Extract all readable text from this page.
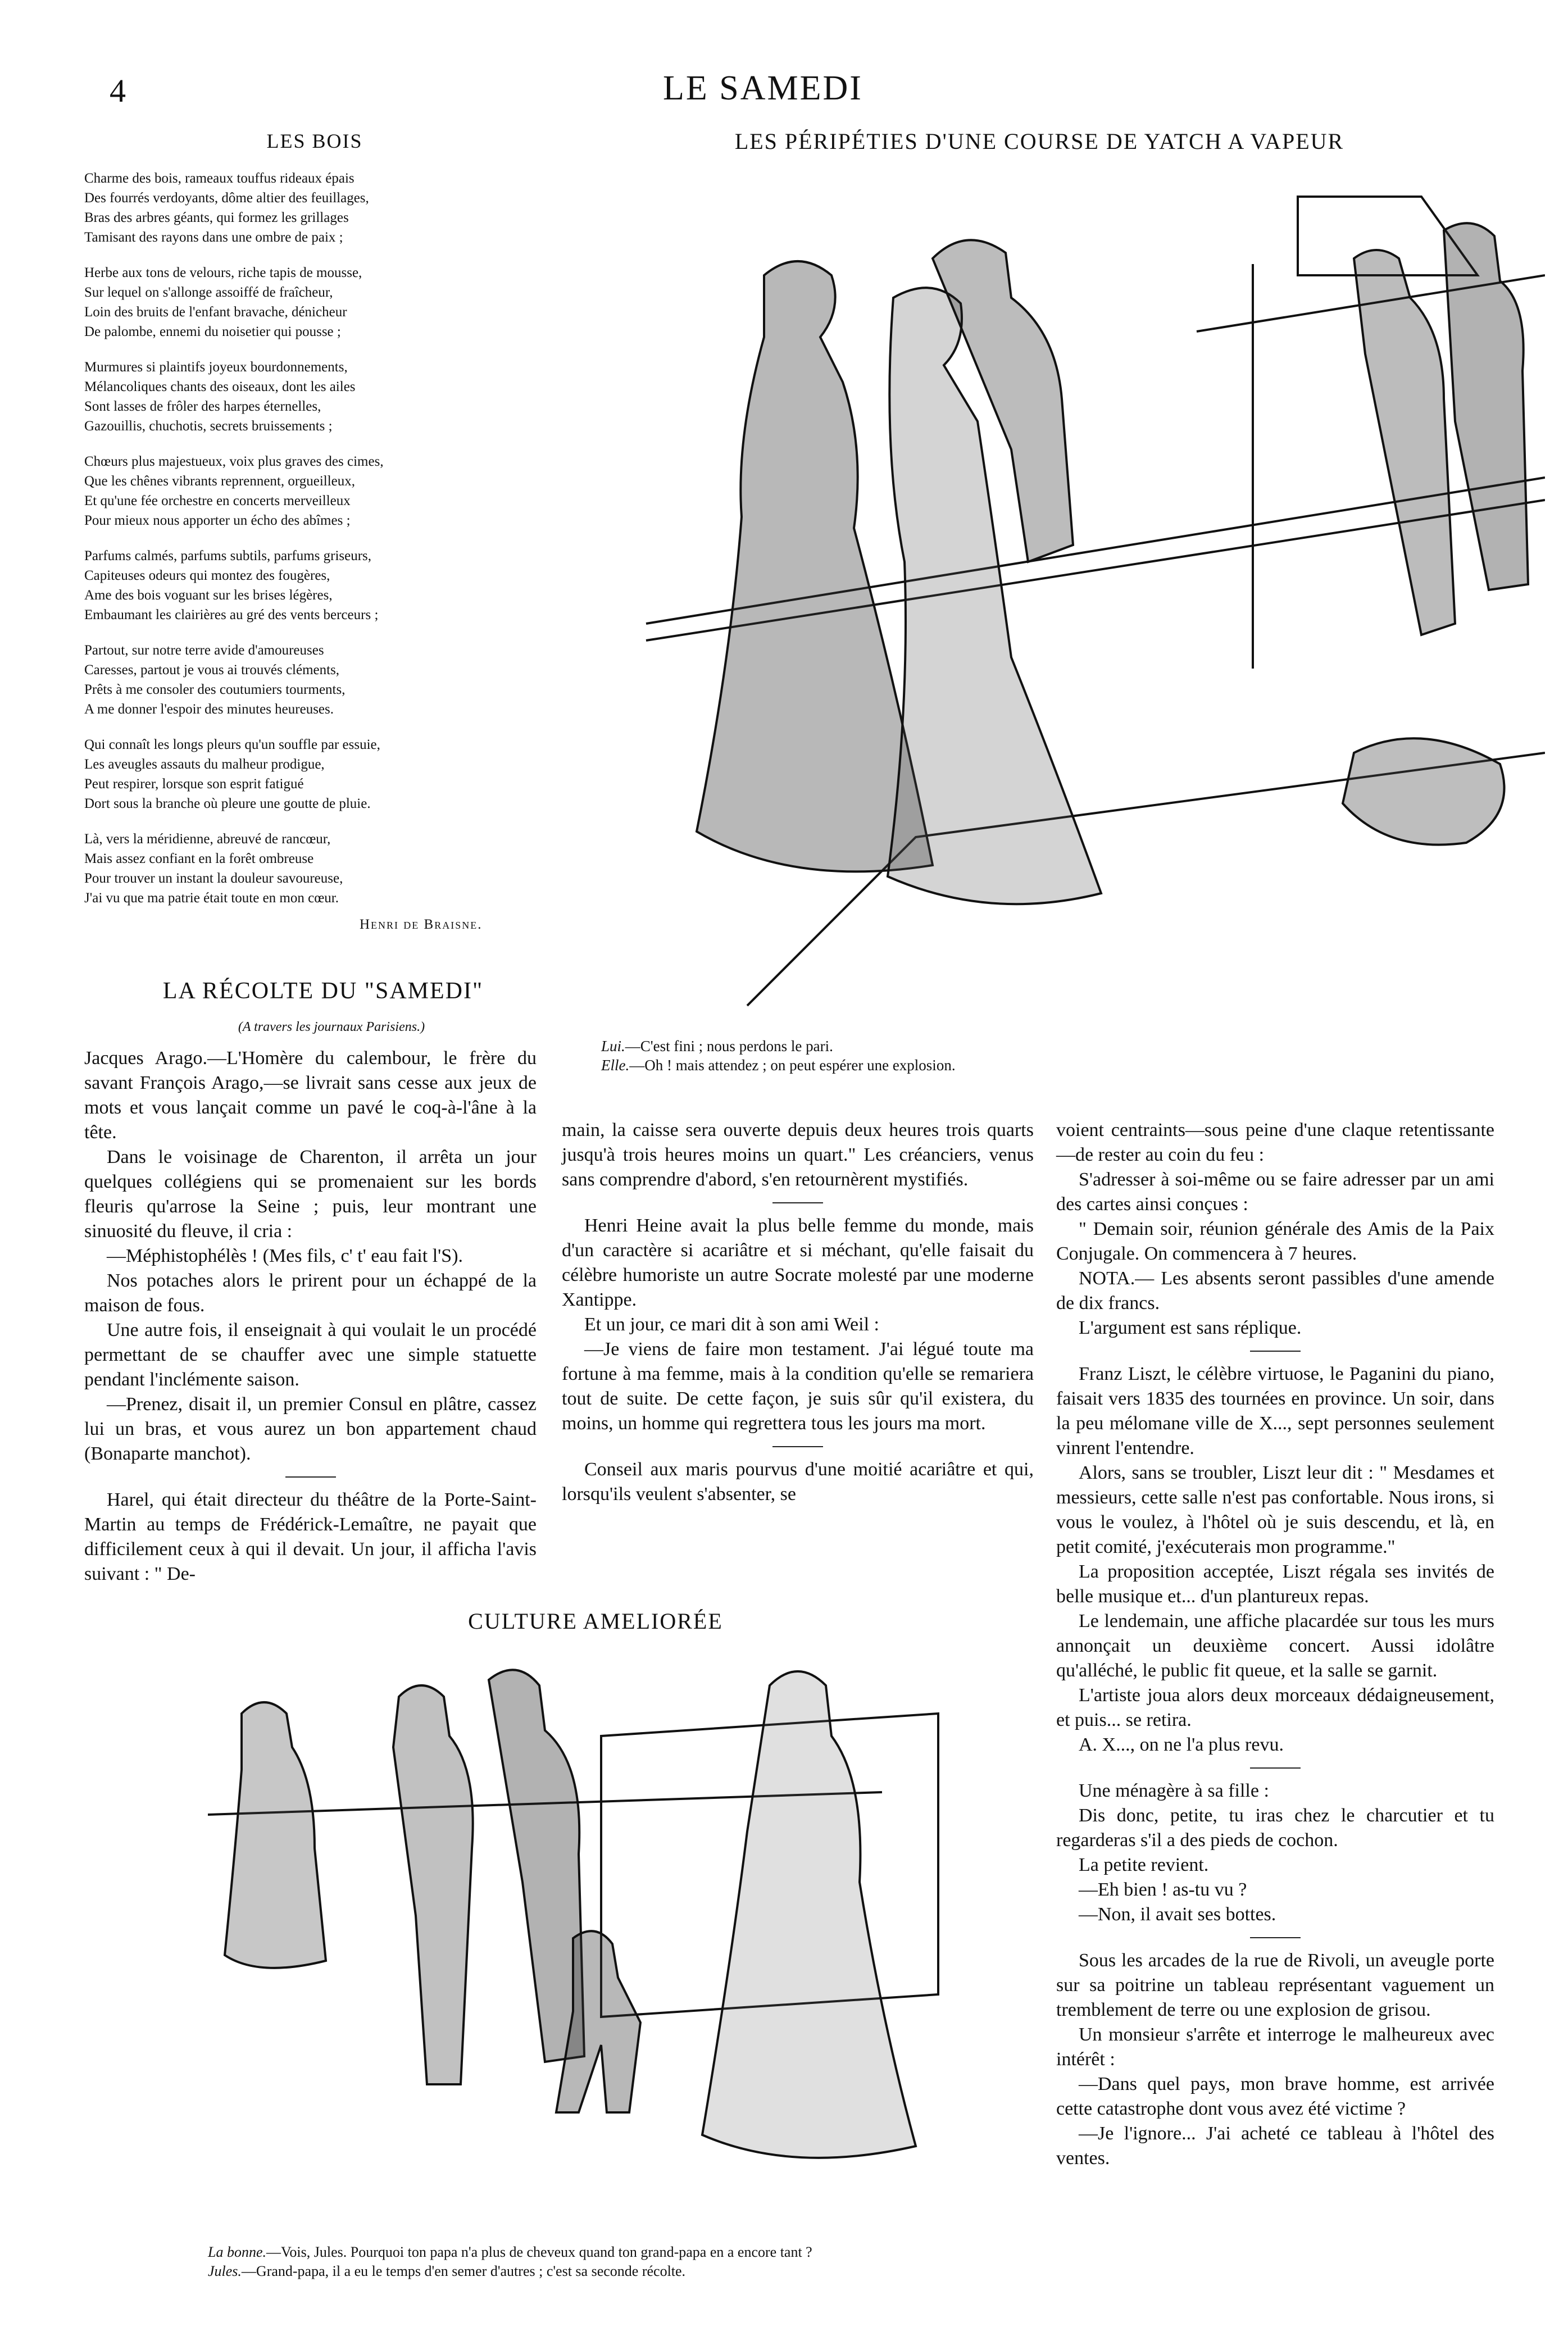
4	LE SAMEDI
LES BOIS
Charme des bois, rameaux touffus rideaux épais
Des fourrés verdoyants, dôme altier des feuillages,
Bras des arbres géants, qui formez les grillages
Tamisant des rayons dans une ombre de paix ;
Herbe aux tons de velours, riche tapis de mousse,
Sur lequel on s'allonge assoiffé de fraîcheur,
Loin des bruits de l'enfant bravache, dénicheur
De palombe, ennemi du noisetier qui pousse ;
Murmures si plaintifs joyeux bourdonnements,
Mélancoliques chants des oiseaux, dont les ailes
Sont lasses de frôler des harpes éternelles,
Gazouillis, chuchotis, secrets bruissements ;
Chœurs plus majestueux, voix plus graves des cimes,
Que les chênes vibrants reprennent, orgueilleux,
Et qu'une fée orchestre en concerts merveilleux
Pour mieux nous apporter un écho des abîmes ;
Parfums calmés, parfums subtils, parfums griseurs,
Capiteuses odeurs qui montez des fougères,
Ame des bois voguant sur les brises légères,
Embaumant les clairières au gré des vents berceurs ;
Partout, sur notre terre avide d'amoureuses
Caresses, partout je vous ai trouvés cléments,
Prêts à me consoler des coutumiers tourments,
A me donner l'espoir des minutes heureuses.
Qui connaît les longs pleurs qu'un souffle par essuie,
Les aveugles assauts du malheur prodigue,
Peut respirer, lorsque son esprit fatigué
Dort sous la branche où pleure une goutte de pluie.
Là, vers la méridienne, abreuvé de rancœur,
Mais assez confiant en la forêt ombreuse
Pour trouver un instant la douleur savoureuse,
J'ai vu que ma patrie était toute en mon cœur.
Henri de Braisne.
LES PÉRIPÉTIES D'UNE COURSE DE YATCH A VAPEUR
Lui.—C'est fini ; nous perdons le pari.
Elle.—Oh ! mais attendez ; on peut espérer une explosion.
LA RÉCOLTE DU "SAMEDI"
(A travers les journaux Parisiens.)

Jacques Arago.—L'Homère du calembour, le frère du savant François Arago,—se livrait sans cesse aux jeux de mots et vous lançait comme un pavé le coq-à-l'âne à la tête.

Dans le voisinage de Charenton, il arrêta un jour quelques collégiens qui se promenaient sur les bords fleuris qu'arrose la Seine ; puis, leur montrant une sinuosité du fleuve, il cria :

—Méphistophélès ! (Mes fils, c' t' eau fait l'S).

Nos potaches alors le prirent pour un échappé de la maison de fous.

Une autre fois, il enseignait à qui voulait le un procédé permettant de se chauffer avec une simple statuette pendant l'inclémente saison.

—Prenez, disait il, un premier Consul en plâtre, cassez lui un bras, et vous aurez un bon appartement chaud (Bonaparte manchot).

Harel, qui était directeur du théâtre de la Porte-Saint-Martin au temps de Frédérick-Lemaître, ne payait que difficilement ceux à qui il devait. Un jour, il afficha l'avis suivant : " De-

main, la caisse sera ouverte depuis deux heures trois quarts jusqu'à trois heures moins un quart." Les créanciers, venus sans comprendre d'abord, s'en retournèrent mystifiés.

Henri Heine avait la plus belle femme du monde, mais d'un caractère si acariâtre et si méchant, qu'elle faisait du célèbre humoriste un autre Socrate molesté par une moderne Xantippe.

Et un jour, ce mari dit à son ami Weil :

—Je viens de faire mon testament. J'ai légué toute ma fortune à ma femme, mais à la condition qu'elle se remariera tout de suite. De cette façon, je suis sûr qu'il existera, du moins, un homme qui regrettera tous les jours ma mort.

Conseil aux maris pourvus d'une moitié acariâtre et qui, lorsqu'ils veulent s'absenter, se

voient centraints—sous peine d'une claque retentissante—de rester au coin du feu :

S'adresser à soi-même ou se faire adresser par un ami des cartes ainsi conçues :

" Demain soir, réunion générale des Amis de la Paix Conjugale. On commencera à 7 heures.

NOTA.— Les absents seront passibles d'une amende de dix francs.

L'argument est sans réplique.

Franz Liszt, le célèbre virtuose, le Paganini du piano, faisait vers 1835 des tournées en province. Un soir, dans la peu mélomane ville de X..., sept personnes seulement vinrent l'entendre.

Alors, sans se troubler, Liszt leur dit : " Mesdames et messieurs, cette salle n'est pas confortable. Nous irons, si vous le voulez, à l'hôtel où je suis descendu, et là, en petit comité, j'exécuterais mon programme."

La proposition acceptée, Liszt régala ses invités de belle musique et... d'un plantureux repas.

Le lendemain, une affiche placardée sur tous les murs annonçait un deuxième concert. Aussi idolâtre qu'alléché, le public fit queue, et la salle se garnit.

L'artiste joua alors deux morceaux dédaigneusement, et puis... se retira.

A. X..., on ne l'a plus revu.

Une ménagère à sa fille :

Dis donc, petite, tu iras chez le charcutier et tu regarderas s'il a des pieds de cochon.

La petite revient.

—Eh bien ! as-tu vu ?

—Non, il avait ses bottes.

Sous les arcades de la rue de Rivoli, un aveugle porte sur sa poitrine un tableau représentant vaguement un tremblement de terre ou une explosion de grisou.

Un monsieur s'arrête et interroge le malheureux avec intérêt :

—Dans quel pays, mon brave homme, est arrivée cette catastrophe dont vous avez été victime ?

—Je l'ignore... J'ai acheté ce tableau à l'hôtel des ventes.

CULTURE AMELIORÉE
La bonne.—Vois, Jules. Pourquoi ton papa n'a plus de cheveux quand ton grand-papa en a encore tant ?
Jules.—Grand-papa, il a eu le temps d'en semer d'autres ; c'est sa seconde récolte.
